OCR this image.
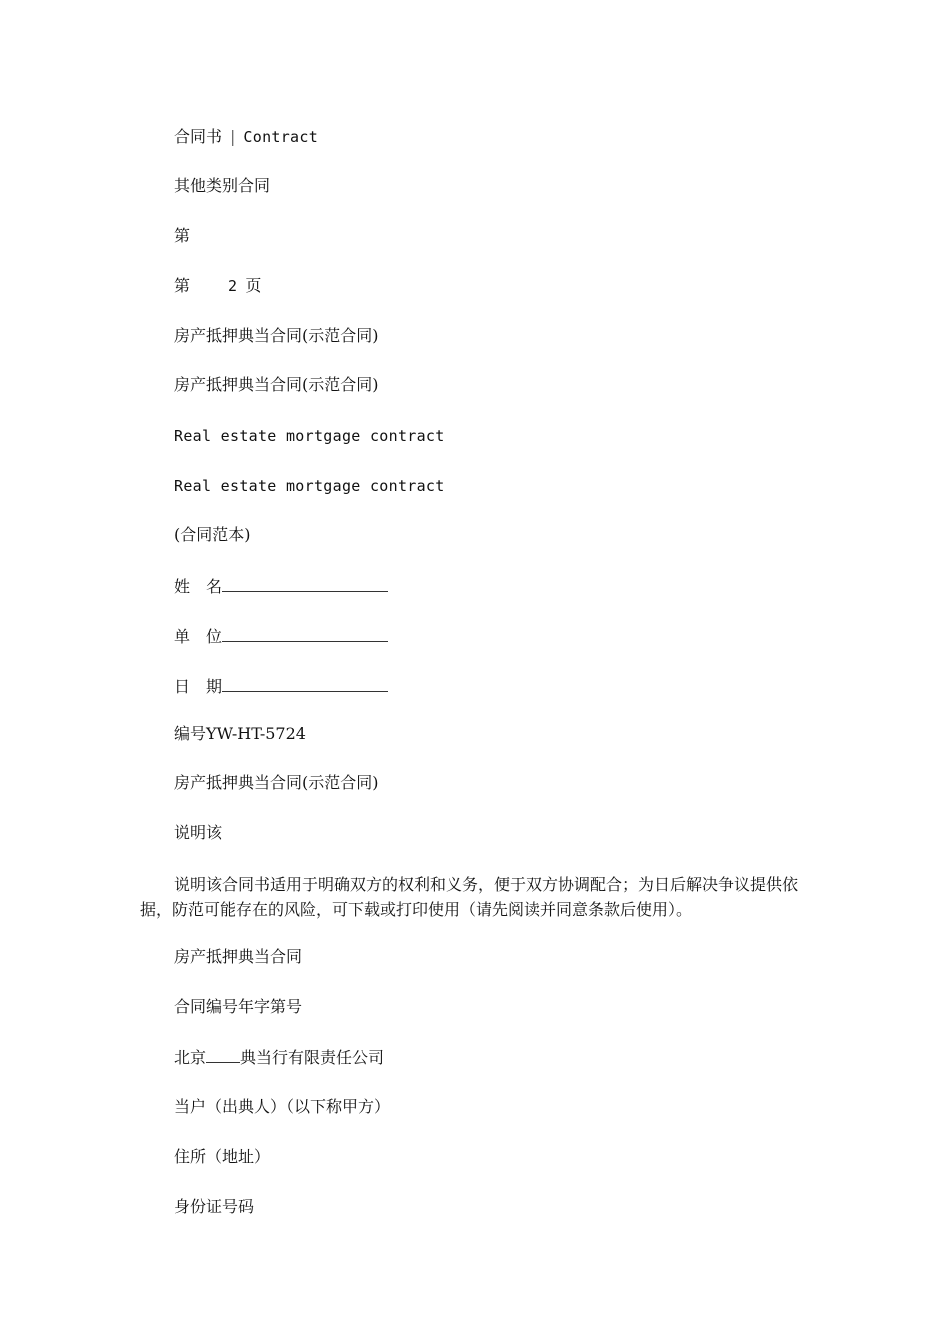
合同书 | Contract

其他类别合同

第

第	2 页

房产抵押典当合同(示范合同)

房产抵押典当合同(示范合同)

Real estate mortgage contract

Real estate mortgage contract

(合同范本)

姓 名

单 位

日 期

编号YW-HT-5724

房产抵押典当合同(示范合同)

说明该

说明该合同书适用于明确双方的权利和义务，便于双方协调配合；为日后解决争议提供依据，防范可能存在的风险，可下载或打印使用（请先阅读并同意条款后使用）。

房产抵押典当合同

合同编号年字第号

北京 典当行有限责任公司

当户（出典人）（以下称甲方）

住所（地址）

身份证号码
